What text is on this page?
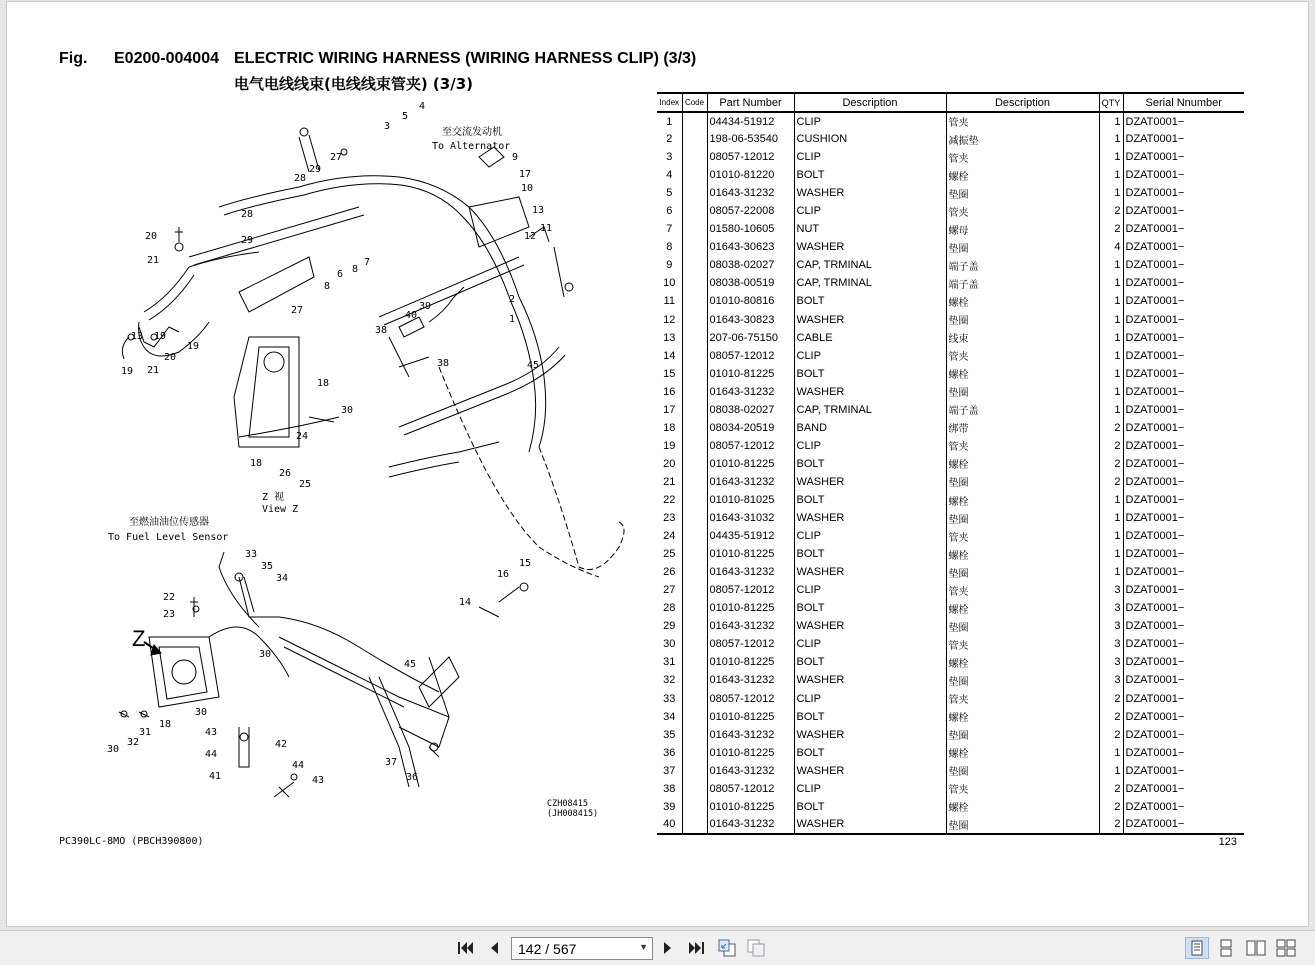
Fig. E0200-004004 ELECTRIC WIRING HARNESS (WIRING HARNESS CLIP) (3/3)
电气电线线束(电线线束管夹) (3/3)
4
5
3
27
29
28
28
29
20
21
13 19
19
20
19 21
27
8
6 8
7
9
17
10
13
11
12
2
1
40
39
38
38	45
18
30
24
18
26
25
33
35
34
15
16
14
22
23
30
45
30
18
31
32
30
43
42
44
41
44
43
37
36
至交流发动机
To Alternator
至燃油油位传感器
To Fuel Level Sensor
Z 视
View Z
Z
CZH08415
(JH008415)
PC390LC-8MO (PBCH390800)	123
Index	Code	Part Number	Description	Description	QTY	Serial Nnumber
1		04434-51912	CLIP	管夹	1	DZAT0001−
2		198-06-53540	CUSHION	减振垫	1	DZAT0001−
3		08057-12012	CLIP	管夹	1	DZAT0001−
4		01010-81220	BOLT	螺栓	1	DZAT0001−
5		01643-31232	WASHER	垫圈	1	DZAT0001−
6		08057-22008	CLIP	管夹	2	DZAT0001−
7		01580-10605	NUT	螺母	2	DZAT0001−
8		01643-30623	WASHER	垫圈	4	DZAT0001−
9		08038-02027	CAP, TRMINAL	端子盖	1	DZAT0001−
10		08038-00519	CAP, TRMINAL	端子盖	1	DZAT0001−
11		01010-80816	BOLT	螺栓	1	DZAT0001−
12		01643-30823	WASHER	垫圈	1	DZAT0001−
13		207-06-75150	CABLE	线束	1	DZAT0001−
14		08057-12012	CLIP	管夹	1	DZAT0001−
15		01010-81225	BOLT	螺栓	1	DZAT0001−
16		01643-31232	WASHER	垫圈	1	DZAT0001−
17		08038-02027	CAP, TRMINAL	端子盖	1	DZAT0001−
18		08034-20519	BAND	绑带	2	DZAT0001−
19		08057-12012	CLIP	管夹	2	DZAT0001−
20		01010-81225	BOLT	螺栓	2	DZAT0001−
21		01643-31232	WASHER	垫圈	2	DZAT0001−
22		01010-81025	BOLT	螺栓	1	DZAT0001−
23		01643-31032	WASHER	垫圈	1	DZAT0001−
24		04435-51912	CLIP	管夹	1	DZAT0001−
25		01010-81225	BOLT	螺栓	1	DZAT0001−
26		01643-31232	WASHER	垫圈	1	DZAT0001−
27		08057-12012	CLIP	管夹	3	DZAT0001−
28		01010-81225	BOLT	螺栓	3	DZAT0001−
29		01643-31232	WASHER	垫圈	3	DZAT0001−
30		08057-12012	CLIP	管夹	3	DZAT0001−
31		01010-81225	BOLT	螺栓	3	DZAT0001−
32		01643-31232	WASHER	垫圈	3	DZAT0001−
33		08057-12012	CLIP	管夹	2	DZAT0001−
34		01010-81225	BOLT	螺栓	2	DZAT0001−
35		01643-31232	WASHER	垫圈	2	DZAT0001−
36		01010-81225	BOLT	螺栓	1	DZAT0001−
37		01643-31232	WASHER	垫圈	1	DZAT0001−
38		08057-12012	CLIP	管夹	2	DZAT0001−
39		01010-81225	BOLT	螺栓	2	DZAT0001−
40		01643-31232	WASHER	垫圈	2	DZAT0001−
142 / 567	▼
